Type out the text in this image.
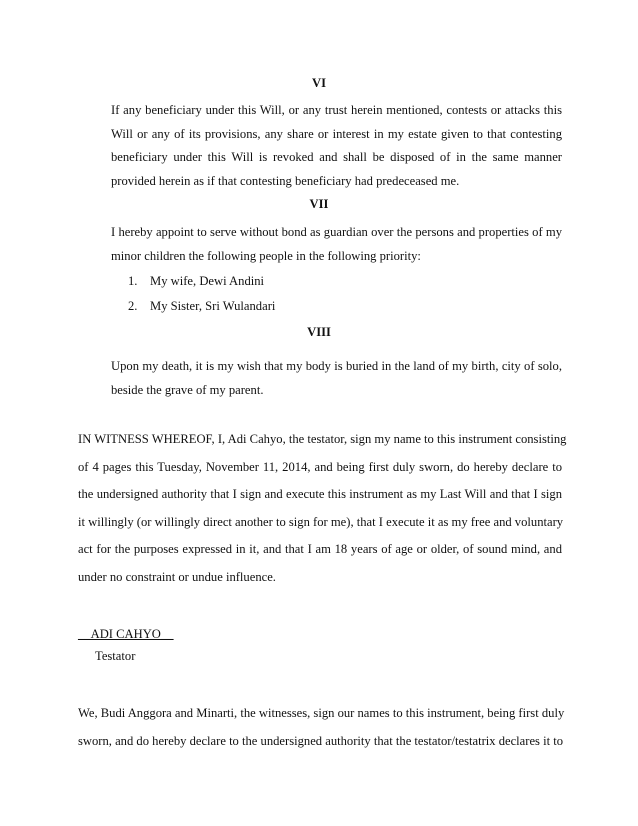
VI
If any beneficiary under this Will, or any trust herein mentioned, contests or attacks this
Will or any of its provisions, any share or interest in my estate given to that contesting
beneficiary under this Will is revoked and shall be disposed of in the same manner
provided herein as if that contesting beneficiary had predeceased me.
VII
I hereby appoint to serve without bond as guardian over the persons and properties of my
minor children the following people in the following priority:
1. My wife, Dewi Andini
2. My Sister, Sri Wulandari
VIII
Upon my death, it is my wish that my body is buried in the land of my birth, city of solo,
beside the grave of my parent.
IN WITNESS WHEREOF, I, Adi Cahyo, the testator, sign my name to this instrument consisting
of 4 pages this Tuesday, November 11, 2014, and being first duly sworn, do hereby declare to
the undersigned authority that I sign and execute this instrument as my Last Will and that I sign
it willingly (or willingly direct another to sign for me), that I execute it as my free and voluntary
act for the purposes expressed in it, and that I am 18 years of age or older, of sound mind, and
under no constraint or undue influence.
__ADI CAHYO__
Testator
We, Budi Anggora and Minarti, the witnesses, sign our names to this instrument, being first duly
sworn, and do hereby declare to the undersigned authority that the testator/testatrix declares it to
